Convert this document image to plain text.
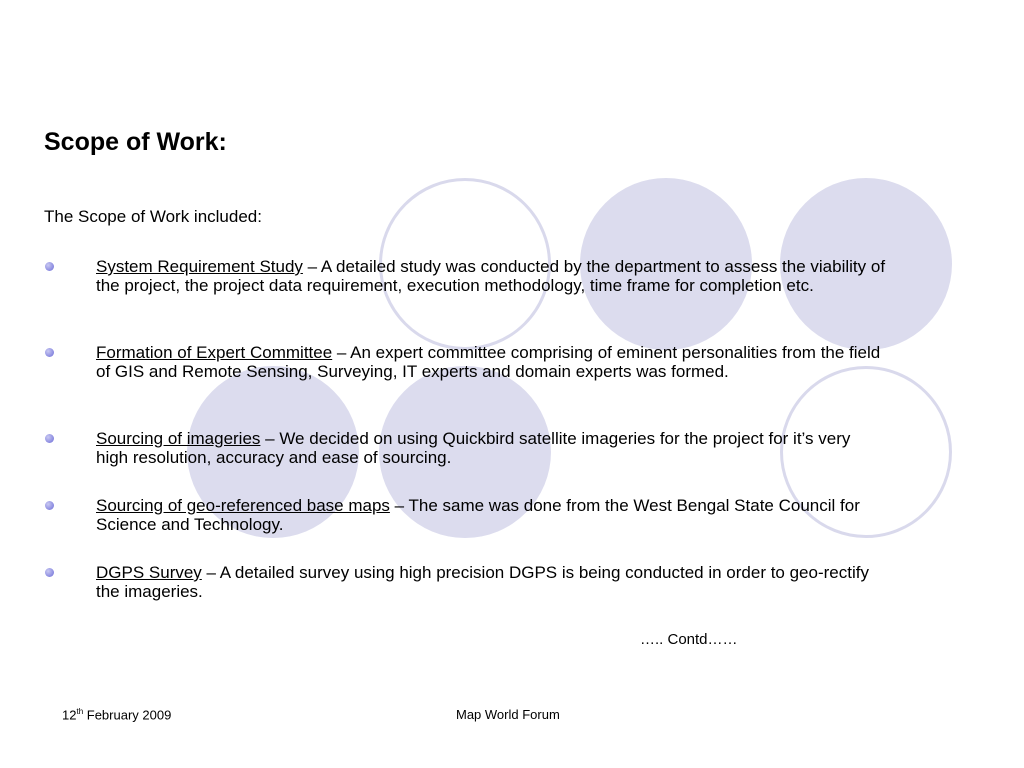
Scope of Work:

The Scope of Work included:

System Requirement Study – A detailed study was conducted by the department to assess the viability of the project, the project data requirement, execution methodology, time frame for completion etc.
Formation of Expert Committee – An expert committee comprising of eminent personalities from the field of GIS and Remote Sensing, Surveying, IT experts and domain experts was formed.
Sourcing of imageries – We decided on using Quickbird satellite imageries for the project for it’s very high resolution, accuracy and ease of sourcing.
Sourcing of geo-referenced base maps – The same was done from the West Bengal State Council for Science and Technology.
DGPS Survey – A detailed survey using high precision DGPS is being conducted in order to geo-rectify the imageries.

….. Contd……

12th February 2009	Map World Forum
